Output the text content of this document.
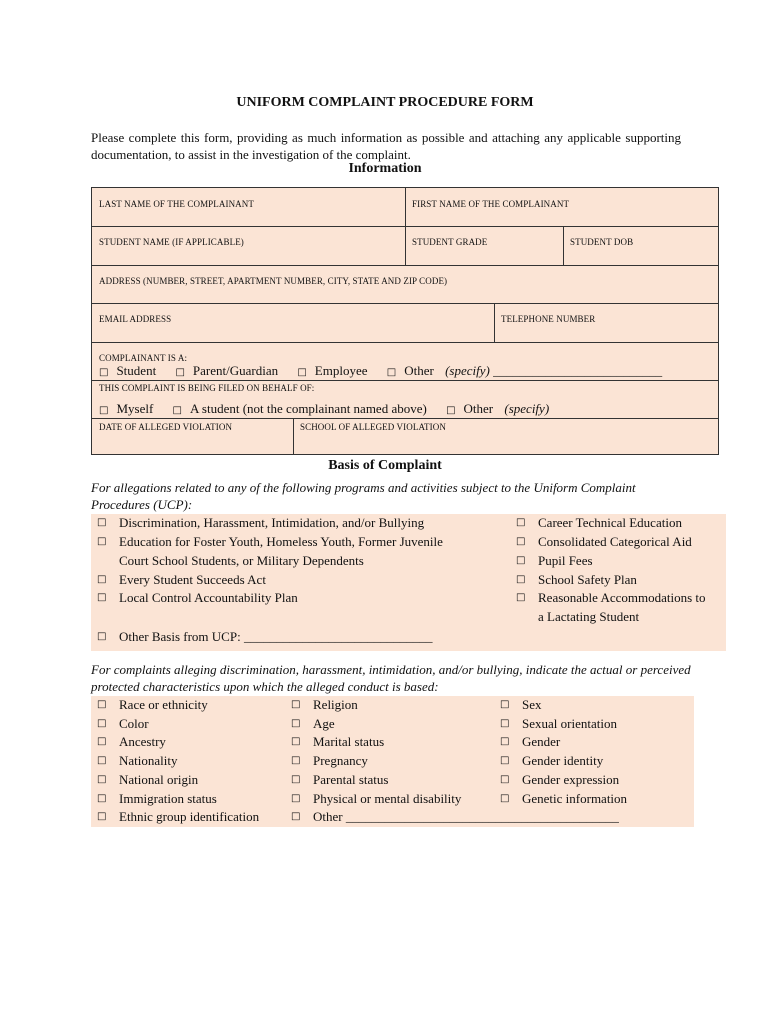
UNIFORM COMPLAINT PROCEDURE FORM
Please complete this form, providing as much information as possible and attaching any applicable supporting documentation, to assist in the investigation of the complaint.
Information
LAST NAME OF THE COMPLAINANT	FIRST NAME OF THE COMPLAINANT
STUDENT NAME (IF APPLICABLE)	STUDENT GRADE	STUDENT DOB
ADDRESS (NUMBER, STREET, APARTMENT NUMBER, CITY, STATE AND ZIP CODE)
EMAIL ADDRESS	TELEPHONE NUMBER
COMPLAINANT IS A:
□ Student □ Parent/Guardian □ Employee □ Other (specify) __________________________
THIS COMPLAINT IS BEING FILED ON BEHALF OF:
□ Myself □ A student (not the complainant named above) □ Other (specify)
DATE OF ALLEGED VIOLATION	SCHOOL OF ALLEGED VIOLATION
Basis of Complaint
For allegations related to any of the following programs and activities subject to the Uniform Complaint Procedures (UCP):
□ Discrimination, Harassment, Intimidation, and/or Bullying
□ Education for Foster Youth, Homeless Youth, Former Juvenile Court School Students, or Military Dependents
□ Every Student Succeeds Act
□ Local Control Accountability Plan
□ Other Basis from UCP: _____________________________
□ Career Technical Education
□ Consolidated Categorical Aid
□ Pupil Fees
□ School Safety Plan
□ Reasonable Accommodations to a Lactating Student
For complaints alleging discrimination, harassment, intimidation, and/or bullying, indicate the actual or perceived protected characteristics upon which the alleged conduct is based:
□ Race or ethnicity
□ Color
□ Ancestry
□ Nationality
□ National origin
□ Immigration status
□ Ethnic group identification
□ Religion
□ Age
□ Marital status
□ Pregnancy
□ Parental status
□ Physical or mental disability
□ Other __________________________________________
□ Sex
□ Sexual orientation
□ Gender
□ Gender identity
□ Gender expression
□ Genetic information
